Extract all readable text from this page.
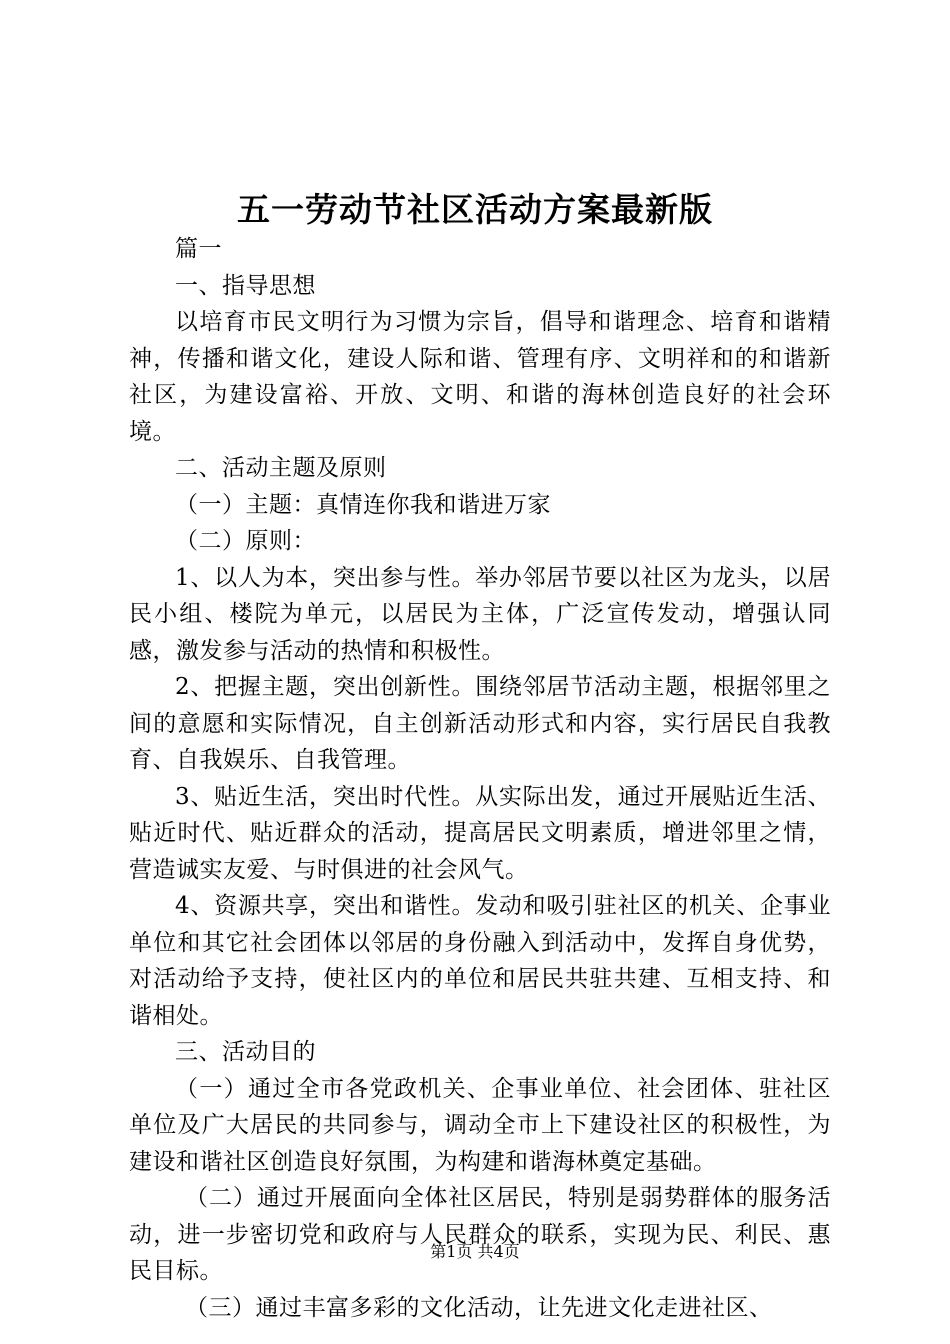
五一劳动节社区活动方案最新版

篇一

一、指导思想

以培育市民文明行为习惯为宗旨，倡导和谐理念、培育和谐精神，传播和谐文化，建设人际和谐、管理有序、文明祥和的和谐新社区，为建设富裕、开放、文明、和谐的海林创造良好的社会环境。

二、活动主题及原则

（一）主题：真情连你我和谐进万家

（二）原则：

1、以人为本，突出参与性。举办邻居节要以社区为龙头，以居民小组、楼院为单元，以居民为主体，广泛宣传发动，增强认同感，激发参与活动的热情和积极性。

2、把握主题，突出创新性。围绕邻居节活动主题，根据邻里之间的意愿和实际情况，自主创新活动形式和内容，实行居民自我教育、自我娱乐、自我管理。

3、贴近生活，突出时代性。从实际出发，通过开展贴近生活、贴近时代、贴近群众的活动，提高居民文明素质，增进邻里之情，营造诚实友爱、与时俱进的社会风气。

4、资源共享，突出和谐性。发动和吸引驻社区的机关、企事业单位和其它社会团体以邻居的身份融入到活动中，发挥自身优势，对活动给予支持，使社区内的单位和居民共驻共建、互相支持、和谐相处。

三、活动目的

（一）通过全市各党政机关、企事业单位、社会团体、驻社区单位及广大居民的共同参与，调动全市上下建设社区的积极性，为建设和谐社区创造良好氛围，为构建和谐海林奠定基础。

（二）通过开展面向全体社区居民，特别是弱势群体的服务活动，进一步密切党和政府与人民群众的联系，实现为民、利民、惠民目标。

（三）通过丰富多彩的文化活动，让先进文化走进社区、

第1页 共4页
